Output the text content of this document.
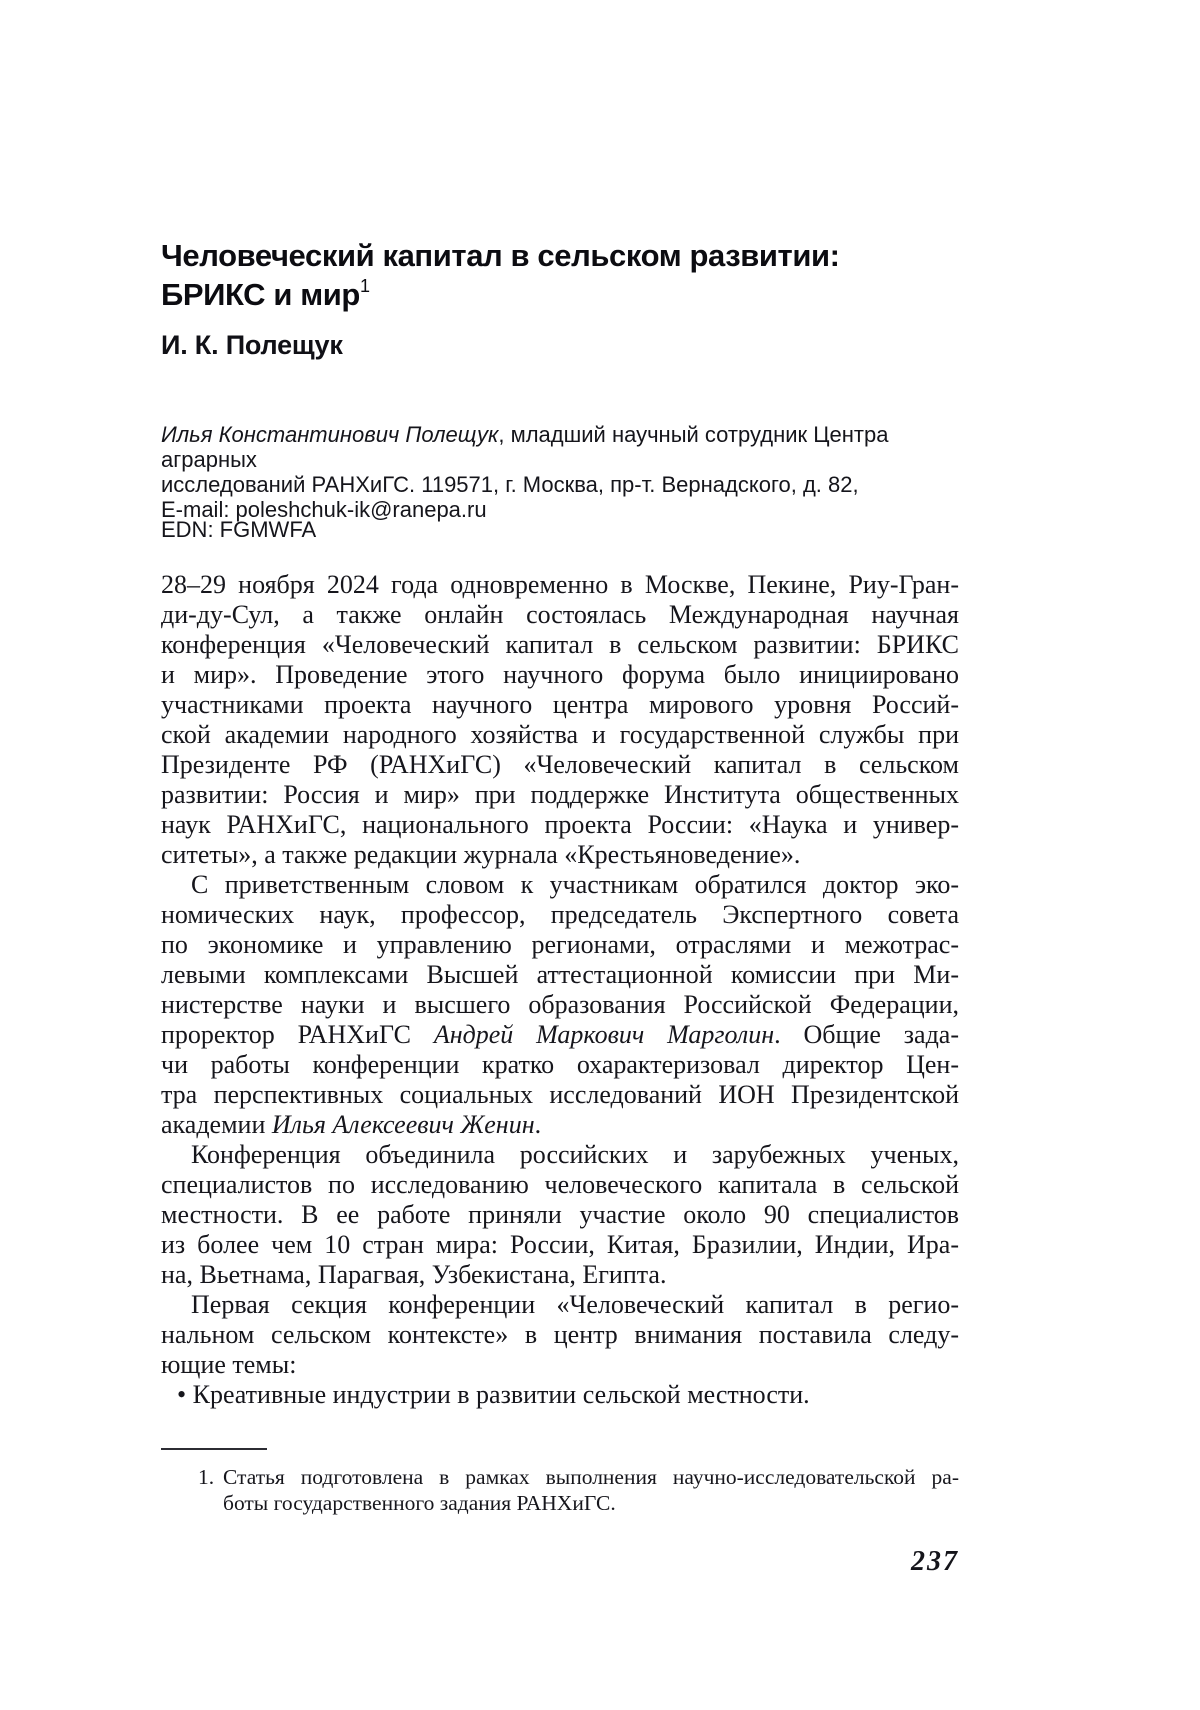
Человеческий капитал в сельском развитии:
БРИКС и мир$^1$
И. К. Полещук
Илья Константинович Полещук, младший научный сотрудник Центра аграрных
исследований РАНХиГС. 119571, г. Москва, пр-т. Вернадского, д. 82,
E-mail: poleshchuk-ik@ranepa.ru
EDN: FGMWFA
28–29 ноября 2024 года одновременно в Москве, Пекине, Риу-Гран-
ди-ду-Сул, а также онлайн состоялась Международная научная
конференция «Человеческий капитал в сельском развитии: БРИКС
и мир». Проведение этого научного форума было инициировано
участниками проекта научного центра мирового уровня Россий-
ской академии народного хозяйства и государственной службы при
Президенте РФ (РАНХиГС) «Человеческий капитал в сельском
развитии: Россия и мир» при поддержке Института общественных
наук РАНХиГС, национального проекта России: «Наука и универ-
ситеты», а также редакции журнала «Крестьяноведение».
С приветственным словом к участникам обратился доктор эко-
номических наук, профессор, председатель Экспертного совета
по экономике и управлению регионами, отраслями и межотрас-
левыми комплексами Высшей аттестационной комиссии при Ми-
нистерстве науки и высшего образования Российской Федерации,
проректор РАНХиГС Андрей Маркович Марголин. Общие зада-
чи работы конференции кратко охарактеризовал директор Цен-
тра перспективных социальных исследований ИОН Президентской
академии Илья Алексеевич Женин.
Конференция объединила российских и зарубежных ученых,
специалистов по исследованию человеческого капитала в сельской
местности. В ее работе приняли участие около 90 специалистов
из более чем 10 стран мира: России, Китая, Бразилии, Индии, Ира-
на, Вьетнама, Парагвая, Узбекистана, Египта.
Первая секция конференции «Человеческий капитал в регио-
нальном сельском контексте» в центр внимания поставила следу-
ющие темы:
• Креативные индустрии в развитии сельской местности.
1. Статья подготовлена в рамках выполнения научно-исследовательской ра-
боты государственного задания РАНХиГС.
237
